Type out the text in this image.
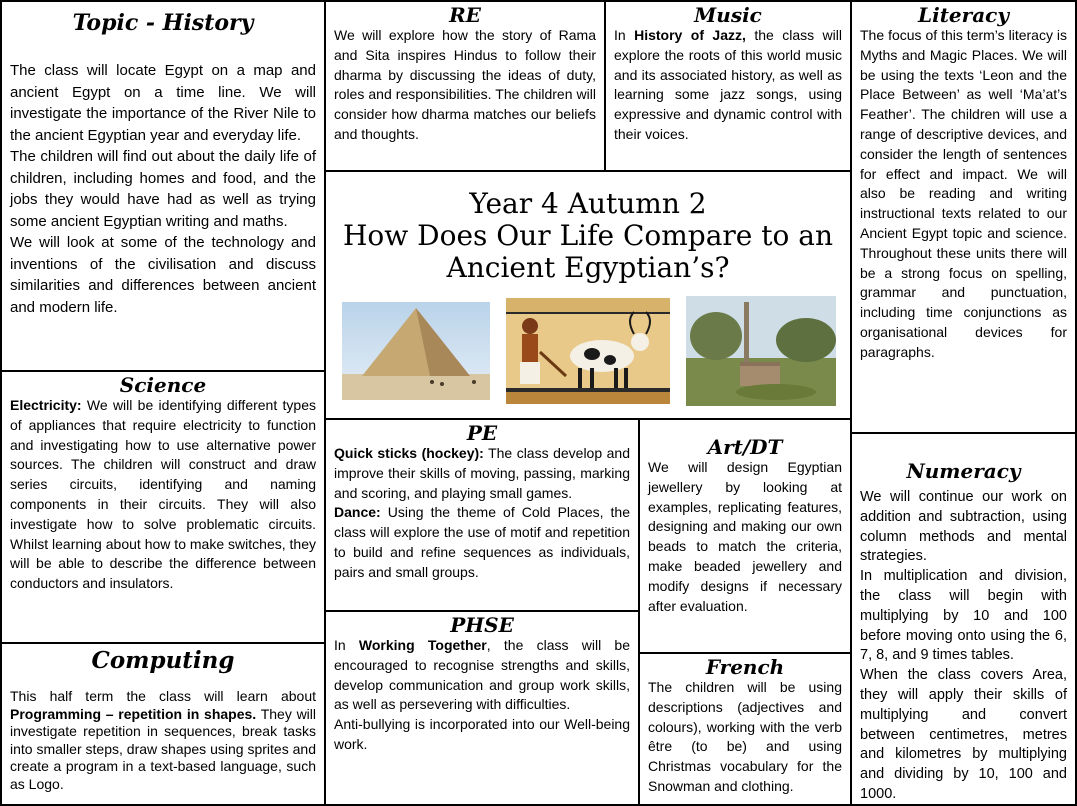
Topic - History

The class will locate Egypt on a map and ancient Egypt on a time line. We will investigate the importance of the River Nile to the ancient Egyptian year and everyday life.

The children will find out about the daily life of children, including homes and food, and the jobs they would have had as well as trying some ancient Egyptian writing and maths.

We will look at some of the technology and inventions of the civilisation and discuss similarities and differences between ancient and modern life.

RE

We will explore how the story of Rama and Sita inspires Hindus to follow their dharma by discussing the ideas of duty, roles and responsibilities. The children will consider how dharma matches our beliefs and thoughts.

Music

In History of Jazz, the class will explore the roots of this world music and its associated history, as well as learning some jazz songs, using expressive and dynamic control with their voices.

Literacy

The focus of this term’s literacy is Myths and Magic Places. We will be using the texts ‘Leon and the Place Between’ as well ‘Ma’at’s Feather’. The children will use a range of descriptive devices, and consider the length of sentences for effect and impact. We will also be reading and writing instructional texts related to our Ancient Egypt topic and science. Throughout these units there will be a strong focus on spelling, grammar and punctuation, including time conjunctions as organisational devices for paragraphs.

Year 4 Autumn 2

How Does Our Life Compare to an

Ancient Egyptian’s?

Science

Electricity: We will be identifying different types of appliances that require electricity to function and investigating how to use alternative power sources. The children will construct and draw series circuits, identifying and naming components in their circuits. They will also investigate how to solve problematic circuits. Whilst learning about how to make switches, they will be able to describe the difference between conductors and insulators.

PE

Quick sticks (hockey): The class develop and improve their skills of moving, passing, marking and scoring, and playing small games.

Dance: Using the theme of Cold Places, the class will explore the use of motif and repetition to build and refine sequences as individuals, pairs and small groups.

Art/DT

We will design Egyptian jewellery by looking at examples, replicating features, designing and making our own beads to match the criteria, make beaded jewellery and modify designs if necessary after evaluation.

Numeracy

We will continue our work on addition and subtraction, using column methods and mental strategies.

In multiplication and division, the class will begin with multiplying by 10 and 100 before moving onto using the 6, 7, 8, and 9 times tables.

When the class covers Area, they will apply their skills of multiplying and convert between centimetres, metres and kilometres by multiplying and dividing by 10, 100 and 1000.

Computing

This half term the class will learn about Programming – repetition in shapes. They will investigate repetition in sequences, break tasks into smaller steps, draw shapes using sprites and create a program in a text-based language, such as Logo.

PHSE

In Working Together, the class will be encouraged to recognise strengths and skills, develop communication and group work skills, as well as persevering with difficulties.

Anti-bullying is incorporated into our Well-being work.

French

The children will be using descriptions (adjectives and colours), working with the verb être (to be) and using Christmas vocabulary for the Snowman and clothing.
